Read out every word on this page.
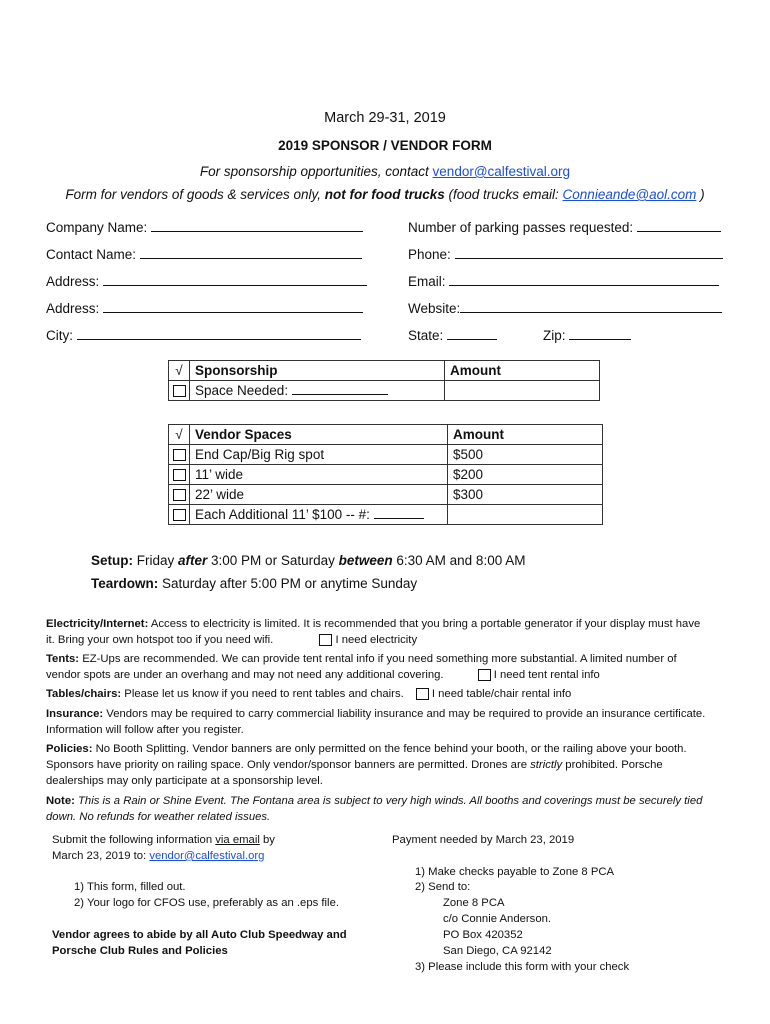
March 29-31, 2019
2019 SPONSOR / VENDOR FORM
For sponsorship opportunities, contact vendor@calfestival.org
Form for vendors of goods & services only, not for food trucks (food trucks email: Connieande@aol.com )
Company Name:
Contact Name:
Address:
Address:
City:
Number of parking passes requested:
Phone:
Email:
Website:
State:	Zip:
√	Sponsorship	Amount
	Space Needed:	
√	Vendor Spaces	Amount
	End Cap/Big Rig spot	$500
	11’ wide	$200
	22’ wide	$300
	Each Additional 11’ $100 -- #:	
Setup: Friday after 3:00 PM or Saturday between 6:30 AM and 8:00 AM
Teardown: Saturday after 5:00 PM or anytime Sunday
Electricity/Internet: Access to electricity is limited. It is recommended that you bring a portable generator if your display must have
it. Bring your own hotspot too if you need wifi.	I need electricity
Tents: EZ-Ups are recommended. We can provide tent rental info if you need something more substantial. A limited number of
vendor spots are under an overhang and may not need any additional covering.	I need tent rental info
Tables/chairs: Please let us know if you need to rent tables and chairs. I need table/chair rental info
Insurance: Vendors may be required to carry commercial liability insurance and may be required to provide an insurance certificate.
Information will follow after you register.
Policies: No Booth Splitting. Vendor banners are only permitted on the fence behind your booth, or the railing above your booth.
Sponsors have priority on railing space. Only vendor/sponsor banners are permitted. Drones are strictly prohibited. Porsche
dealerships may only participate at a sponsorship level.
Note: This is a Rain or Shine Event. The Fontana area is subject to very high winds. All booths and coverings must be securely tied
down. No refunds for weather related issues.
Submit the following information via email by
March 23, 2019 to: vendor@calfestival.org
1) This form, filled out.
2) Your logo for CFOS use, preferably as an .eps file.
Vendor agrees to abide by all Auto Club Speedway and
Porsche Club Rules and Policies
Payment needed by March 23, 2019
1) Make checks payable to Zone 8 PCA
2) Send to:
Zone 8 PCA
c/o Connie Anderson.
PO Box 420352
San Diego, CA 92142
3) Please include this form with your check
